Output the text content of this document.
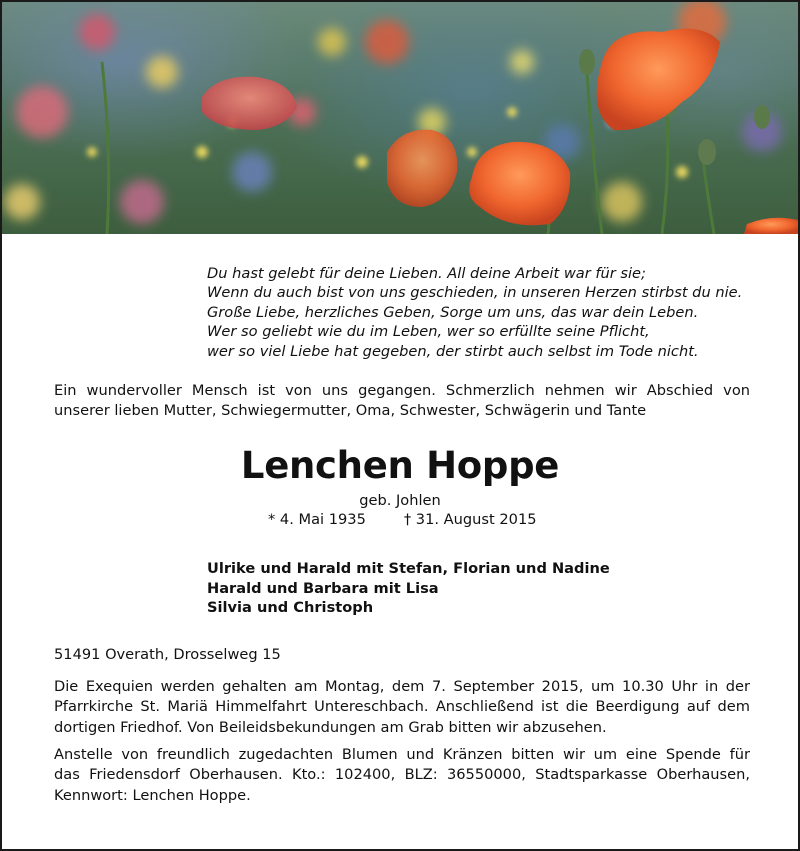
Du hast gelebt für deine Lieben. All deine Arbeit war für sie;
Wenn du auch bist von uns geschieden, in unseren Herzen stirbst du nie.
Große Liebe, herzliches Geben, Sorge um uns, das war dein Leben.
Wer so geliebt wie du im Leben, wer so erfüllte seine Pflicht,
wer so viel Liebe hat gegeben, der stirbt auch selbst im Tode nicht.
Ein wundervoller Mensch ist von uns gegangen. Schmerzlich nehmen wir Abschied von
unserer lieben Mutter, Schwiegermutter, Oma, Schwester, Schwägerin und Tante
Lenchen Hoppe
geb. Johlen
* 4. Mai 1935	† 31. August 2015
Ulrike und Harald mit Stefan, Florian und Nadine
Harald und Barbara mit Lisa
Silvia und Christoph
51491 Overath, Drosselweg 15
Die Exequien werden gehalten am Montag, dem 7. September 2015, um 10.30 Uhr in der
Pfarrkirche St. Mariä Himmelfahrt Untereschbach. Anschließend ist die Beerdigung auf dem
dortigen Friedhof. Von Beileidsbekundungen am Grab bitten wir abzusehen.
Anstelle von freundlich zugedachten Blumen und Kränzen bitten wir um eine Spende für
das Friedensdorf Oberhausen. Kto.: 102400, BLZ: 36550000, Stadtsparkasse Oberhausen,
Kennwort: Lenchen Hoppe.
